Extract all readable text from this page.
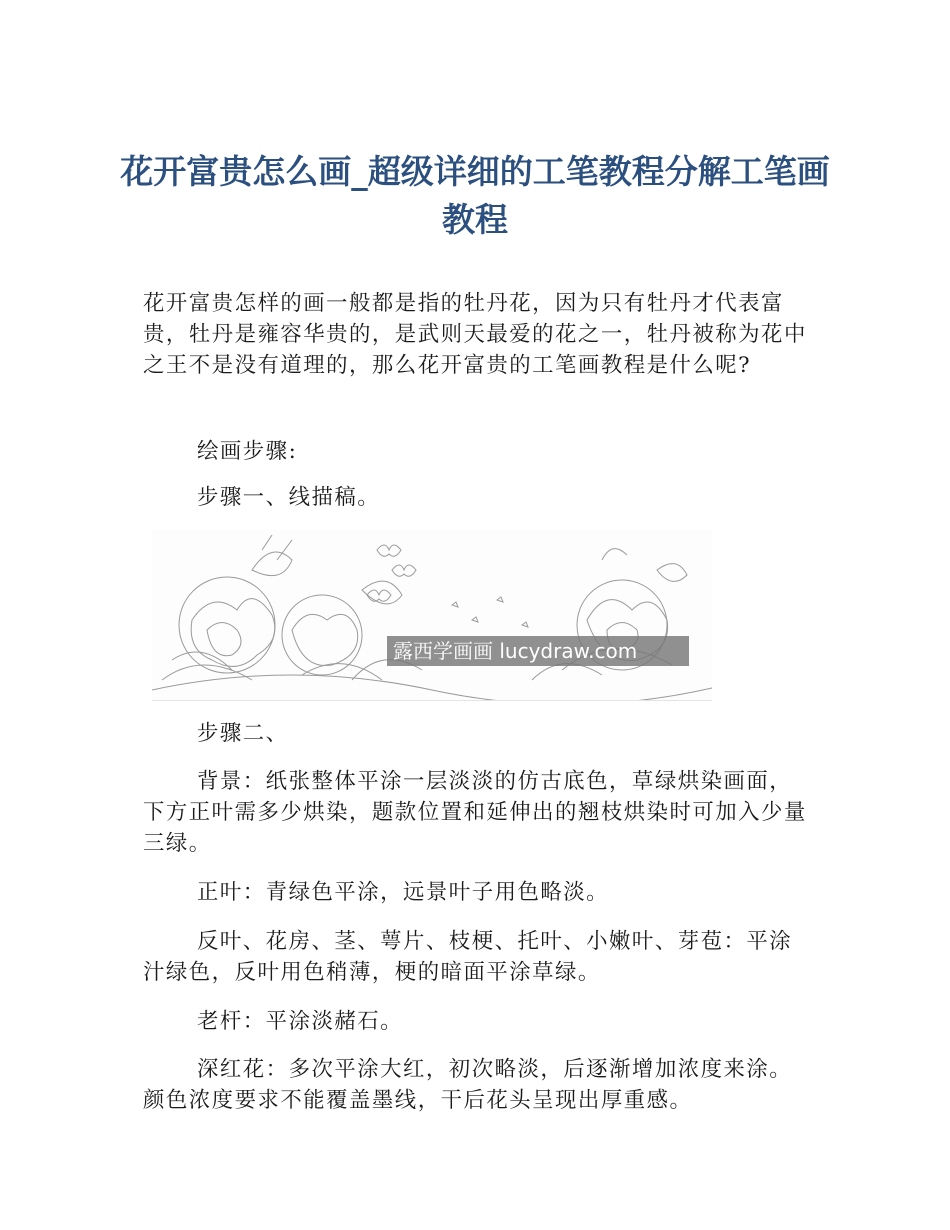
花开富贵怎么画_超级详细的工笔教程分解工笔画教程

花开富贵怎样的画一般都是指的牡丹花，因为只有牡丹才代表富贵，牡丹是雍容华贵的，是武则天最爱的花之一，牡丹被称为花中之王不是没有道理的，那么花开富贵的工笔画教程是什么呢?

绘画步骤:

步骤一、线描稿。

露西学画画 lucydraw.com

步骤二、

背景：纸张整体平涂一层淡淡的仿古底色，草绿烘染画面，下方正叶需多少烘染，题款位置和延伸出的翘枝烘染时可加入少量三绿。

正叶：青绿色平涂，远景叶子用色略淡。

反叶、花房、茎、萼片、枝梗、托叶、小嫩叶、芽苞：平涂汁绿色，反叶用色稍薄，梗的暗面平涂草绿。

老杆：平涂淡赭石。

深红花：多次平涂大红，初次略淡，后逐渐增加浓度来涂。颜色浓度要求不能覆盖墨线，干后花头呈现出厚重感。
